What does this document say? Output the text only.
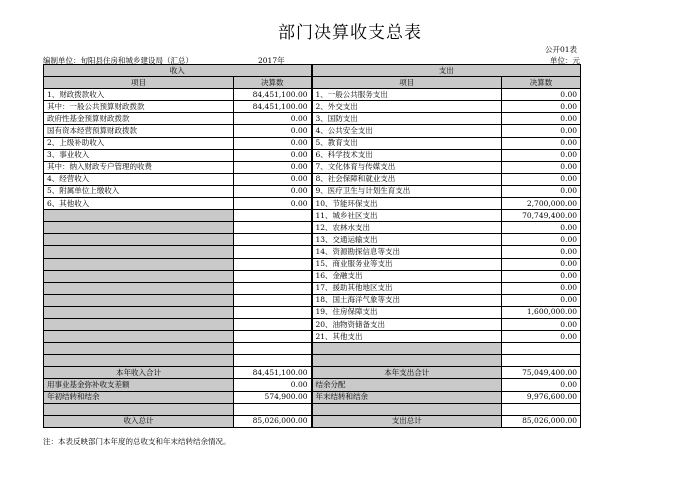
部门决算收支总表
公开01表
编制单位：旬阳县住房和城乡建设局（汇总）	2017年	单位：元
收入		支出	
项目	决算数	项目	决算数
1、财政拨款收入	84,451,100.00	1、一般公共服务支出	0.00
其中：一般公共预算财政拨款	84,451,100.00	2、外交支出	0.00
政府性基金预算财政拨款	0.00	3、国防支出	0.00
国有资本经营预算财政拨款	0.00	4、公共安全支出	0.00
2、上级补助收入	0.00	5、教育支出	0.00
3、事业收入	0.00	6、科学技术支出	0.00
其中：纳入财政专户管理的收费	0.00	7、文化体育与传媒支出	0.00
4、经营收入	0.00	8、社会保障和就业支出	0.00
5、附属单位上缴收入	0.00	9、医疗卫生与计划生育支出	0.00
6、其他收入	0.00	10、节能环保支出	2,700,000.00
		11、城乡社区支出	70,749,400.00
		12、农林水支出	0.00
		13、交通运输支出	0.00
		14、资源勘探信息等支出	0.00
		15、商业服务业等支出	0.00
		16、金融支出	0.00
		17、援助其他地区支出	0.00
		18、国土海洋气象等支出	0.00
		19、住房保障支出	1,600,000.00
		20、油物资储备支出	0.00
		21、其他支出	0.00

本年收入合计	84,451,100.00	本年支出合计	75,049,400.00
用事业基金弥补收支差额	0.00	结余分配	0.00
年初结转和结余	574,900.00	年末结转和结余	9,976,600.00

收入总计	85,026,000.00	支出总计	85,026,000.00
注：本表反映部门本年度的总收支和年末结转结余情况。
